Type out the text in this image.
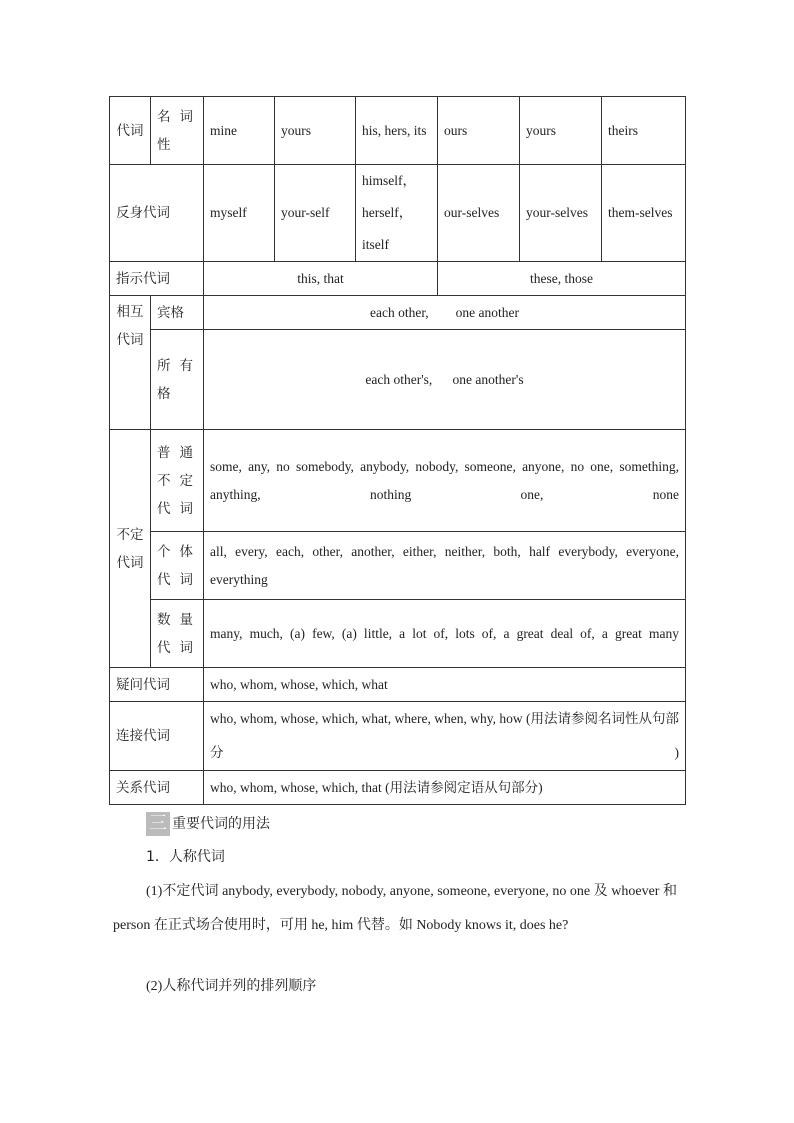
代词	名词性	mine	yours	his, hers, its	ours	yours	theirs
反身代词		myself	your-self	himself，herself，itself	our-selves	your-selves	them-selves
指示代词		this, that			these, those		
相互代词	宾格	each other,        one another					

	所有格	each other's,      one another's					
不定代词	普通不定代词	some, any, no somebody, anybody, nobody, someone, anyone, no one, something, anything, nothing one, none					

	个体代词	all, every, each, other, another, either, neither, both, half everybody, everyone, everything					

	数量代词	many, much, (a) few, (a) little, a lot of, lots of, a great deal of, a great many					
疑问代词		who, whom, whose, which, what					
连接代词		who, whom, whose, which, what, where, when, why, how (用法请参阅名词性从句部分)					
关系代词		who, whom, whose, which, that (用法请参阅定语从句部分)					
三 重要代词的用法
1．人称代词
(1)不定代词 anybody, everybody, nobody, anyone, someone, everyone, no one 及 whoever 和 person 在正式场合使用时，可用 he, him 代替。如 Nobody knows it, does he?
(2)人称代词并列的排列顺序
